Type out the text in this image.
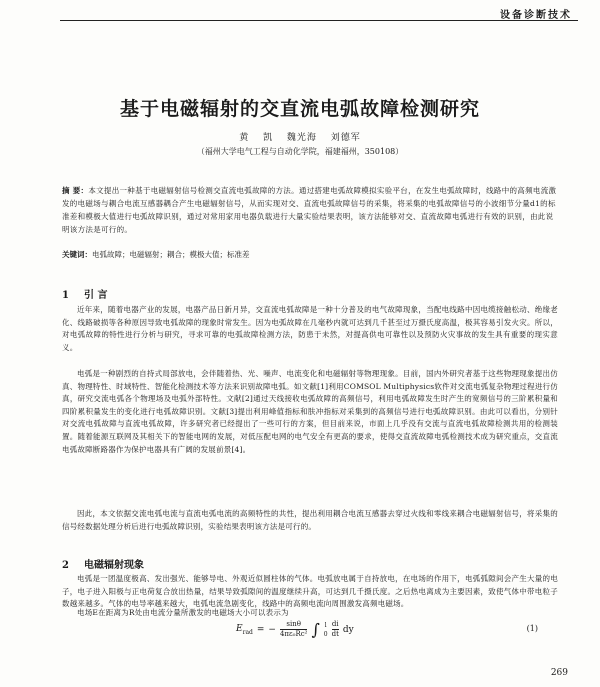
设备诊断技术
基于电磁辐射的交直流电弧故障检测研究
黄 凯 魏光海 刘德军
（福州大学电气工程与自动化学院，福建福州，350108）
摘 要：本文提出一种基于电磁辐射信号检测交直流电弧故障的方法。通过搭建电弧故障模拟实验平台，在发生电弧故障时，线路中的高频电流激发的电磁场与耦合电流互感器耦合产生电磁辐射信号，从而实现对交、直流电弧故障信号的采集，将采集的电弧故障信号的小波细节分量d1的标准差和模极大值进行电弧故障识别，通过对常用家用电器负载进行大量实验结果表明，该方法能够对交、直流故障电弧进行有效的识别，由此说明该方法是可行的。
关键词：电弧故障；电磁辐射；耦合；模极大值；标准差
1 引 言
近年来，随着电器产业的发展，电器产品日新月异，交直流电弧故障是一种十分普及的电气故障现象，当配电线路中因电缆接触松动、绝缘老化、线路破损等各种原因导致电弧故障的现象时常发生。因为电弧故障在几毫秒内就可达到几千甚至过万摄氏度高温，极其容易引发火灾。所以，对电弧故障的特性进行分析与研究，寻求可靠的电弧故障检测方法，防患于未然，对提高供电可靠性以及预防火灾事故的发生具有重要的现实意义。
电弧是一种剧烈的自持式局部放电，会伴随着热、光、噪声、电流变化和电磁辐射等物理现象。目前，国内外研究者基于这些物理现象提出仿真、物理特性、时域特性、智能化检测技术等方法来识别故障电弧。如文献[1]利用COMSOL Multiphysics软件对交流电弧复杂物理过程进行仿真，研究交流电弧各个物理场及电弧外部特性。文献[2]通过天线接收电弧故障的高频信号，利用电弧故障发生时产生的宽频信号的三阶累积量和四阶累积量发生的变化进行电弧故障识别。文献[3]提出利用峰值指标和肤冲指标对采集到的高频信号进行电弧故障识别。由此可以看出，分别针对交流电弧故障与直流电弧故障，许多研究者已经提出了一些可行的方案，但目前来说，市面上几乎没有交流与直流电弧故障检测共用的检测装置。随着能源互联网及其相关下的智能电网的发展，对低压配电网的电气安全有更高的要求，使得交直流故障电弧检测技术成为研究重点，交直流电弧故障断路器作为保护电器具有广阔的发展前景[4]。
因此，本文依据交流电弧电流与直流电弧电流的高频特性的共性，提出利用耦合电流互感器去穿过火线和零线来耦合电磁辐射信号，将采集的信号经数据处理分析后进行电弧故障识别，实验结果表明该方法是可行的。
2 电磁辐射现象
电弧是一团温度极高、发出强光、能够导电、外观近似圆柱体的气体。电弧放电属于自持放电，在电场的作用下，电弧弧隙间会产生大量的电子，电子进入阳极与正电荷复合放出热量，结果导致弧隙间的温度继续升高，可达到几千摄氏度。之后热电离成为主要因素，致使气体中带电粒子数越来越多。气体的电导率越来越大，电弧电流急剧变化，线路中的高频电流向周围激发高频电磁场。
电场E在距离为R处由电流分量所激发的电磁场大小可以表示为
$E_{rad}$ = − $\frac{\sin\theta}{\text{4πε₀Rc²}}$ ∫ l
$0 \frac{di}{dt}$ dy	(1)
269
